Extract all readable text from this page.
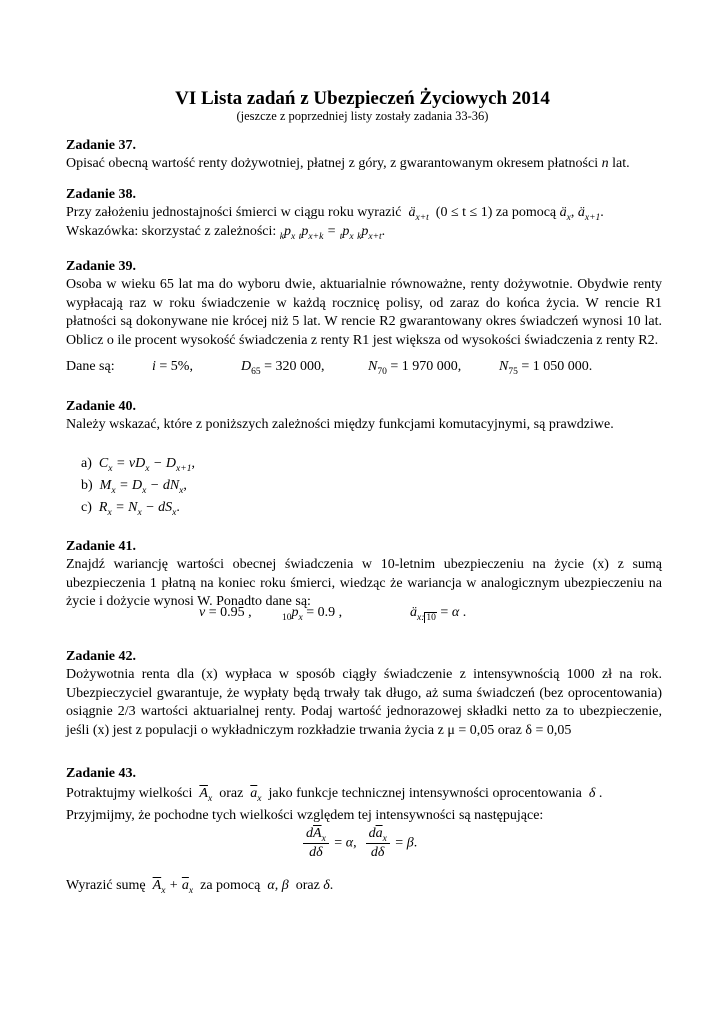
VI Lista zadań z Ubezpieczeń Życiowych 2014
(jeszcze z poprzedniej listy zostały zadania 33-36)
Zadanie 37.
Opisać obecną wartość renty dożywotniej, płatnej z góry, z gwarantowanym okresem płatności n lat.
Zadanie 38.
Przy założeniu jednostajności śmierci w ciągu roku wyrazić $ä_{x+t}$ (0 ≤ t ≤ 1) za pomocą $ä_x$, $ä_{x+1}$.
Wskazówka: skorzystać z zależności: $_kp_x$ $_tp_{x+k} = _tp_x$ $_kp_{x+t}$.
Zadanie 39.
Osoba w wieku 65 lat ma do wyboru dwie, aktuarialnie równoważne, renty dożywotnie. Obydwie renty wypłacają raz w roku świadczenie w każdą rocznicę polisy, od zaraz do końca życia. W rencie R1 płatności są dokonywane nie krócej niż 5 lat. W rencie R2 gwarantowany okres świadczeń wynosi 10 lat. Oblicz o ile procent wysokość świadczenia z renty R1 jest większa od wysokości świadczenia z renty R2.
Dane są:	i = 5%,	$D_{65} = 320$ 000,	$N_{70} = 1$ 970 000,	$N_{75} = 1$ 050 000.
Zadanie 40.
Należy wskazać, które z poniższych zależności między funkcjami komutacyjnymi, są prawdziwe.
a) $C_x = vD_x - D_{x+1}$,
b) $M_x = D_x - dN_x$,
c) $R_x = N_x - dS_x$.
Zadanie 41.
Znajdź wariancję wartości obecnej świadczenia w 10-letnim ubezpieczeniu na życie (x) z sumą ubezpieczenia 1 płatną na koniec roku śmierci, wiedząc że wariancja w analogicznym ubezpieczeniu na życie i dożycie wynosi W. Ponadto dane są:
v = 0.95 ,	$_{10}p_x = 0.9$ ,	$ä_{x: 10} = \alpha$ .
Zadanie 42.
Dożywotnia renta dla (x) wypłaca w sposób ciągły świadczenie z intensywnością 1000 zł na rok. Ubezpieczyciel gwarantuje, że wypłaty będą trwały tak długo, aż suma świadczeń (bez oprocentowania) osiągnie 2/3 wartości aktuarialnej renty. Podaj wartość jednorazowej składki netto za to ubezpieczenie, jeśli (x) jest z populacji o wykładniczym rozkładzie trwania życia z μ = 0,05 oraz δ = 0,05
Zadanie 43.
Potraktujmy wielkości $\overline{A}_x$ oraz $\overline{a}_x$ jako funkcje technicznej intensywności oprocentowania δ .
Przyjmijmy, że pochodne tych wielkości względem tej intensywności są następujące:
$\frac{d\overline{A}_x}{d\delta} = \alpha$, $\frac{d\overline{a}_x}{d\delta} = \beta$.
Wyrazić sumę $\overline{A}_x + \overline{a}_x$ za pomocą α, β oraz δ.
